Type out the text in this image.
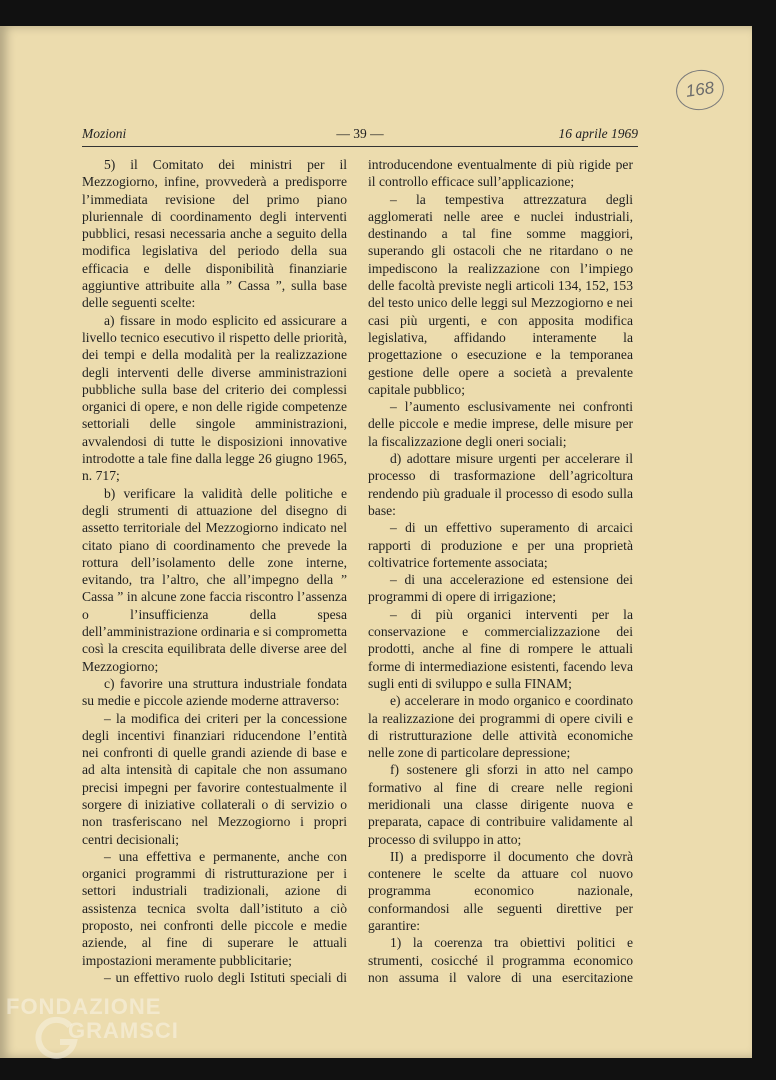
168
Mozioni	— 39 —	16 aprile 1969

5) il Comitato dei ministri per il Mezzogiorno, infine, provvederà a predisporre l’immediata revisione del primo piano pluriennale di coordinamento degli interventi pubblici, resasi necessaria anche a seguito della modifica legislativa del periodo della sua efficacia e delle disponibilità finanziarie aggiuntive attribuite alla ” Cassa ”, sulla base delle seguenti scelte:

a) fissare in modo esplicito ed assicurare a livello tecnico esecutivo il rispetto delle priorità, dei tempi e della modalità per la realizzazione degli interventi delle diverse amministrazioni pubbliche sulla base del criterio dei complessi organici di opere, e non delle rigide competenze settoriali delle singole amministrazioni, avvalendosi di tutte le disposizioni innovative introdotte a tale fine dalla legge 26 giugno 1965, n. 717;

b) verificare la validità delle politiche e degli strumenti di attuazione del disegno di assetto territoriale del Mezzogiorno indicato nel citato piano di coordinamento che prevede la rottura dell’isolamento delle zone interne, evitando, tra l’altro, che all’impegno della ” Cassa ” in alcune zone faccia riscontro l’assenza o l’insufficienza della spesa dell’amministrazione ordinaria e si comprometta così la crescita equilibrata delle diverse aree del Mezzogiorno;

c) favorire una struttura industriale fondata su medie e piccole aziende moderne attraverso:

– la modifica dei criteri per la concessione degli incentivi finanziari riducendone l’entità nei confronti di quelle grandi aziende di base e ad alta intensità di capitale che non assumano precisi impegni per favorire contestualmente il sorgere di iniziative collaterali o di servizio o non trasferiscano nel Mezzogiorno i propri centri decisionali;

– una effettiva e permanente, anche con organici programmi di ristrutturazione per i settori industriali tradizionali, azione di assistenza tecnica svolta dall’istituto a ciò proposto, nei confronti delle piccole e medie aziende, al fine di superare le attuali impostazioni meramente pubblicitarie;

– un effettivo ruolo degli Istituti speciali di

introducendone eventualmente di più rigide per il controllo efficace sull’applicazione;

– la tempestiva attrezzatura degli agglomerati nelle aree e nuclei industriali, destinando a tal fine somme maggiori, superando gli ostacoli che ne ritardano o ne impediscono la realizzazione con l’impiego delle facoltà previste negli articoli 134, 152, 153 del testo unico delle leggi sul Mezzogiorno e nei casi più urgenti, e con apposita modifica legislativa, affidando interamente la progettazione o esecuzione e la temporanea gestione delle opere a società a prevalente capitale pubblico;

– l’aumento esclusivamente nei confronti delle piccole e medie imprese, delle misure per la fiscalizzazione degli oneri sociali;

d) adottare misure urgenti per accelerare il processo di trasformazione dell’agricoltura rendendo più graduale il processo di esodo sulla base:

– di un effettivo superamento di arcaici rapporti di produzione e per una proprietà coltivatrice fortemente associata;

– di una accelerazione ed estensione dei programmi di opere di irrigazione;

– di più organici interventi per la conservazione e commercializzazione dei prodotti, anche al fine di rompere le attuali forme di intermediazione esistenti, facendo leva sugli enti di sviluppo e sulla FINAM;

e) accelerare in modo organico e coordinato la realizzazione dei programmi di opere civili e di ristrutturazione delle attività economiche nelle zone di particolare depressione;

f) sostenere gli sforzi in atto nel campo formativo al fine di creare nelle regioni meridionali una classe dirigente nuova e preparata, capace di contribuire validamente al processo di sviluppo in atto;

II) a predisporre il documento che dovrà contenere le scelte da attuare col nuovo programma economico nazionale, conformandosi alle seguenti direttive per garantire:

1) la coerenza tra obiettivi politici e strumenti, cosicché il programma economico non assuma il valore di una esercitazione

FONDAZIONE
GRAMSCI
